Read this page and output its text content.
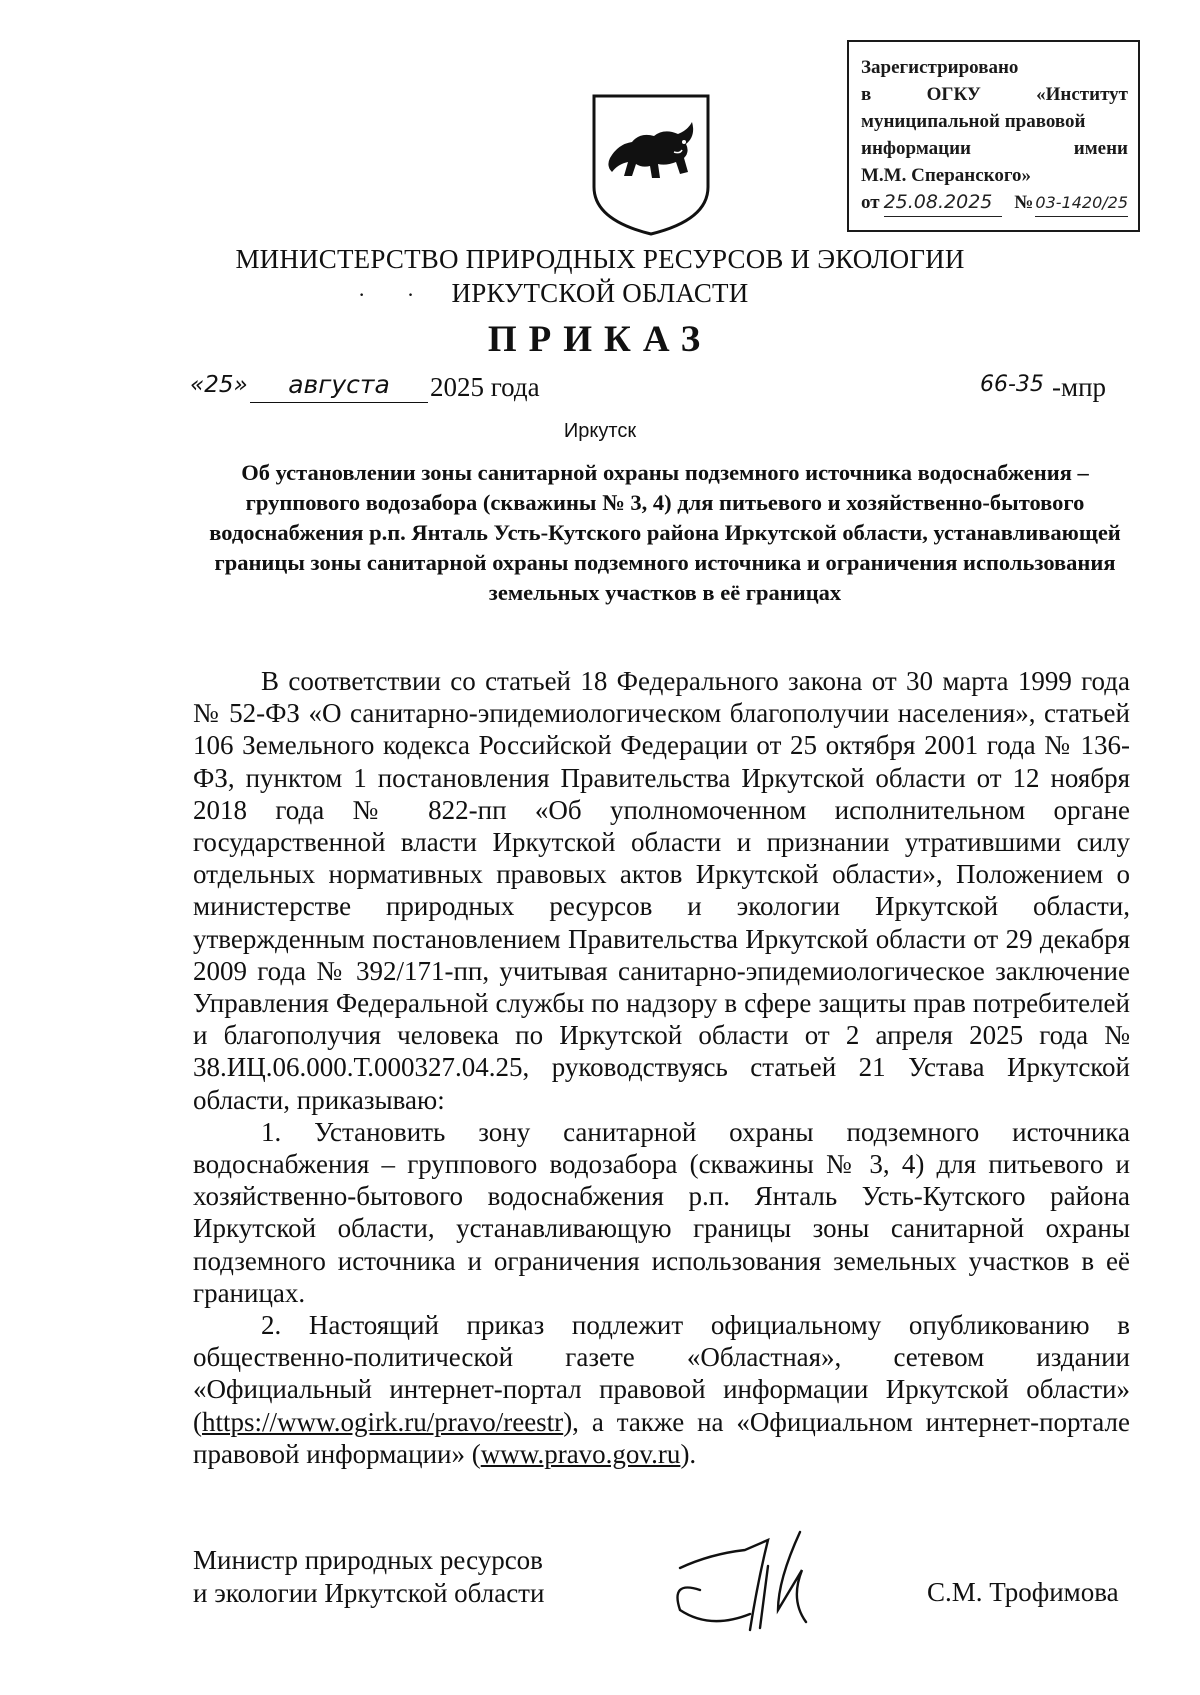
Зарегистрировано
в	ОГКУ	«Институт
муниципальной правовой
информации	имени
М.М. Сперанского»
от 25.08.2025	№ 03-1420/25
МИНИСТЕРСТВО ПРИРОДНЫХ РЕСУРСОВ И ЭКОЛОГИИ
ИРКУТСКОЙ ОБЛАСТИ
· ·
ПРИКАЗ
«25»	августа	2025 года	66-35 -мпр
Иркутск
Об установлении зоны санитарной охраны подземного источника водоснабжения – группового водозабора (скважины № 3, 4) для питьевого и хозяйственно-бытового водоснабжения р.п. Янталь Усть-Кутского района Иркутской области, устанавливающей границы зоны санитарной охраны подземного источника и ограничения использования земельных участков в её границах

В соответствии со статьей 18 Федерального закона от 30 марта 1999 года № 52-ФЗ «О санитарно-эпидемиологическом благополучии населения», статьей 106 Земельного кодекса Российской Федерации от 25 октября 2001 года № 136-ФЗ, пунктом 1 постановления Правительства Иркутской области от 12 ноября 2018 года № 822-пп «Об уполномоченном исполнительном органе государственной власти Иркутской области и признании утратившими силу отдельных нормативных правовых актов Иркутской области», Положением о министерстве природных ресурсов и экологии Иркутской области, утвержденным постановлением Правительства Иркутской области от 29 декабря 2009 года № 392/171-пп, учитывая санитарно-эпидемиологическое заключение Управления Федеральной службы по надзору в сфере защиты прав потребителей и благополучия человека по Иркутской области от 2 апреля 2025 года № 38.ИЦ.06.000.Т.000327.04.25, руководствуясь статьей 21 Устава Иркутской области, приказываю:

1. Установить зону санитарной охраны подземного источника водоснабжения – группового водозабора (скважины № 3, 4) для питьевого и хозяйственно-бытового водоснабжения р.п. Янталь Усть-Кутского района Иркутской области, устанавливающую границы зоны санитарной охраны подземного источника и ограничения использования земельных участков в её границах.

2. Настоящий приказ подлежит официальному опубликованию в общественно-политической газете «Областная», сетевом издании «Официальный интернет-портал правовой информации Иркутской области» (https://www.ogirk.ru/pravo/reestr), а также на «Официальном интернет-портале правовой информации» (www.pravo.gov.ru).

Министр природных ресурсов
и экологии Иркутской области	С.М. Трофимова
